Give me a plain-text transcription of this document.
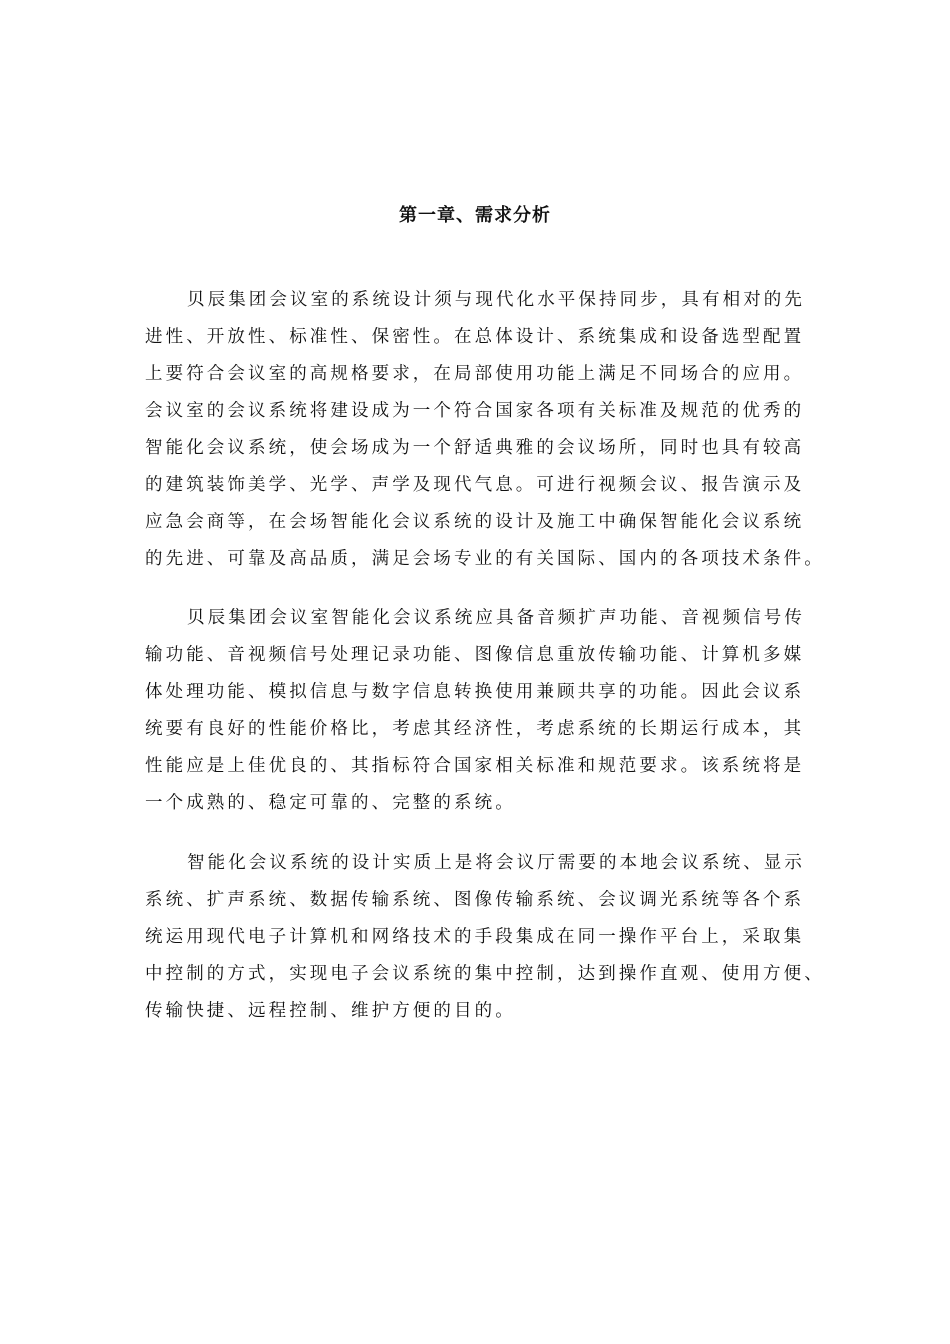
第一章、需求分析
贝辰集团会议室的系统设计须与现代化水平保持同步，具有相对的先
进性、开放性、标准性、保密性。在总体设计、系统集成和设备选型配置
上要符合会议室的高规格要求，在局部使用功能上满足不同场合的应用。
会议室的会议系统将建设成为一个符合国家各项有关标准及规范的优秀的
智能化会议系统，使会场成为一个舒适典雅的会议场所，同时也具有较高
的建筑装饰美学、光学、声学及现代气息。可进行视频会议、报告演示及
应急会商等，在会场智能化会议系统的设计及施工中确保智能化会议系统
的先进、可靠及高品质，满足会场专业的有关国际、国内的各项技术条件。
贝辰集团会议室智能化会议系统应具备音频扩声功能、音视频信号传
输功能、音视频信号处理记录功能、图像信息重放传输功能、计算机多媒
体处理功能、模拟信息与数字信息转换使用兼顾共享的功能。因此会议系
统要有良好的性能价格比，考虑其经济性，考虑系统的长期运行成本，其
性能应是上佳优良的、其指标符合国家相关标准和规范要求。该系统将是
一个成熟的、稳定可靠的、完整的系统。
智能化会议系统的设计实质上是将会议厅需要的本地会议系统、显示
系统、扩声系统、数据传输系统、图像传输系统、会议调光系统等各个系
统运用现代电子计算机和网络技术的手段集成在同一操作平台上，采取集
中控制的方式，实现电子会议系统的集中控制，达到操作直观、使用方便、
传输快捷、远程控制、维护方便的目的。
